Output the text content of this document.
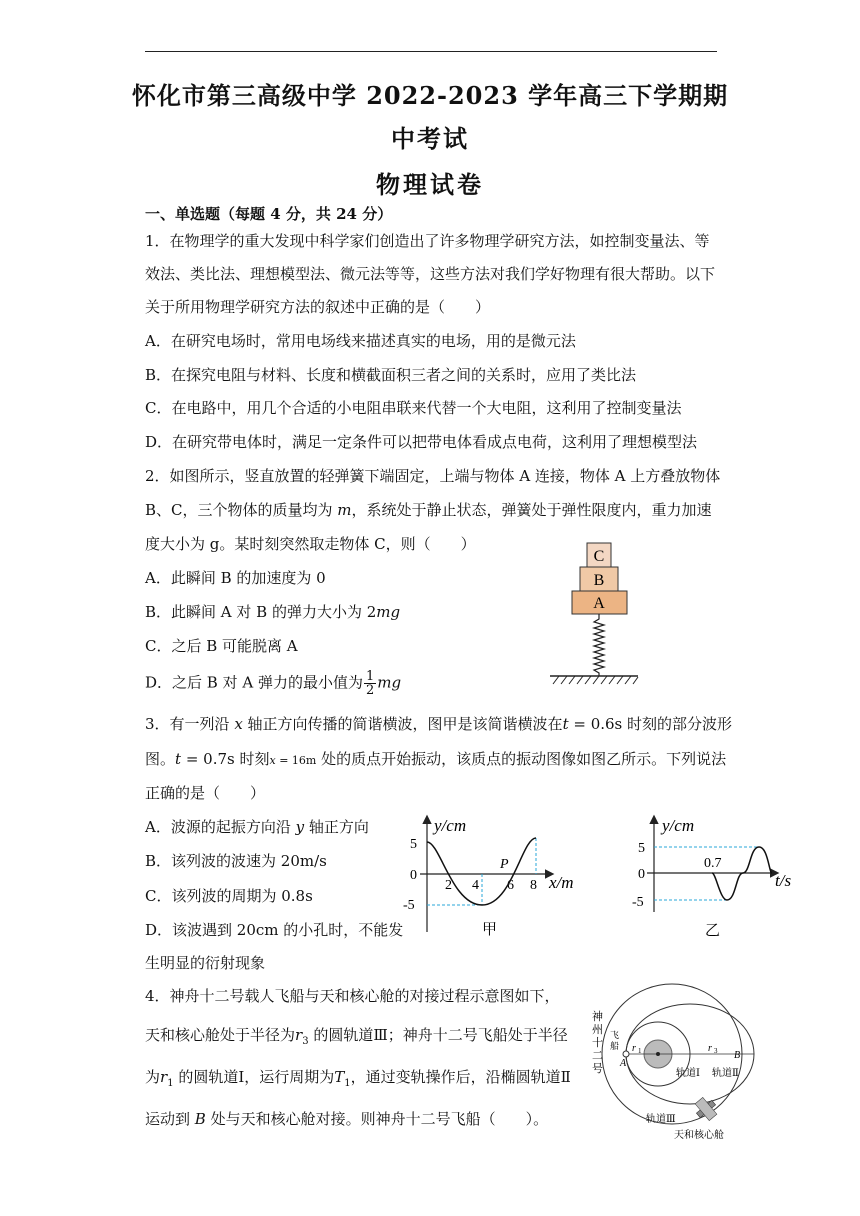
怀化市第三高级中学 2022-2023 学年高三下学期期
中考试
物理试卷
一、单选题（每题 4 分，共 24 分）
1．在物理学的重大发现中科学家们创造出了许多物理学研究方法，如控制变量法、等
效法、类比法、理想模型法、微元法等等，这些方法对我们学好物理有很大帮助。以下
关于所用物理学研究方法的叙述中正确的是（　　）
A．在研究电场时，常用电场线来描述真实的电场，用的是微元法
B．在探究电阻与材料、长度和横截面积三者之间的关系时，应用了类比法
C．在电路中，用几个合适的小电阻串联来代替一个大电阻，这利用了控制变量法
D．在研究带电体时，满足一定条件可以把带电体看成点电荷，这利用了理想模型法
2．如图所示，竖直放置的轻弹簧下端固定，上端与物体 A 连接，物体 A 上方叠放物体
B、C，三个物体的质量均为 m，系统处于静止状态，弹簧处于弹性限度内，重力加速
度大小为 g。某时刻突然取走物体 C，则（　　）
A．此瞬间 B 的加速度为 0
B．此瞬间 A 对 B 的弹力大小为 2mg
C．之后 B 可能脱离 A
D．之后 B 对 A 弹力的最小值为 $\frac{1}{2}$ mg
C
B
A
3．有一列沿 x 轴正方向传播的简谐横波，图甲是该简谐横波在t = 0.6s 时刻的部分波形
图。t = 0.7s 时刻x = 16m 处的质点开始振动，该质点的振动图像如图乙所示。下列说法
正确的是（　　）
A．波源的起振方向沿 y 轴正方向
B．该列波的波速为 20m/s
C．该列波的周期为 0.8s
D．该波遇到 20cm 的小孔时，不能发
生明显的衍射现象
y/cm
x/m
5
0
-5
2 4 6 8
P
甲
y/cm
t/s
5
0
-5
0.7
乙
4．神舟十二号载人飞船与天和核心舱的对接过程示意图如下，
天和核心舱处于半径为$r_3$ 的圆轨道Ⅲ；神舟十二号飞船处于半径
为$r_1$ 的圆轨道Ⅰ，运行周期为$T_1$，通过变轨操作后，沿椭圆轨道Ⅱ
运动到 B 处与天和核心舱对接。则神舟十二号飞船（　　）。
r 1	r 3
A
B
轨道Ⅰ 轨道Ⅱ
轨道Ⅲ
天和核心舱
神
州
十
二
号
飞
船
